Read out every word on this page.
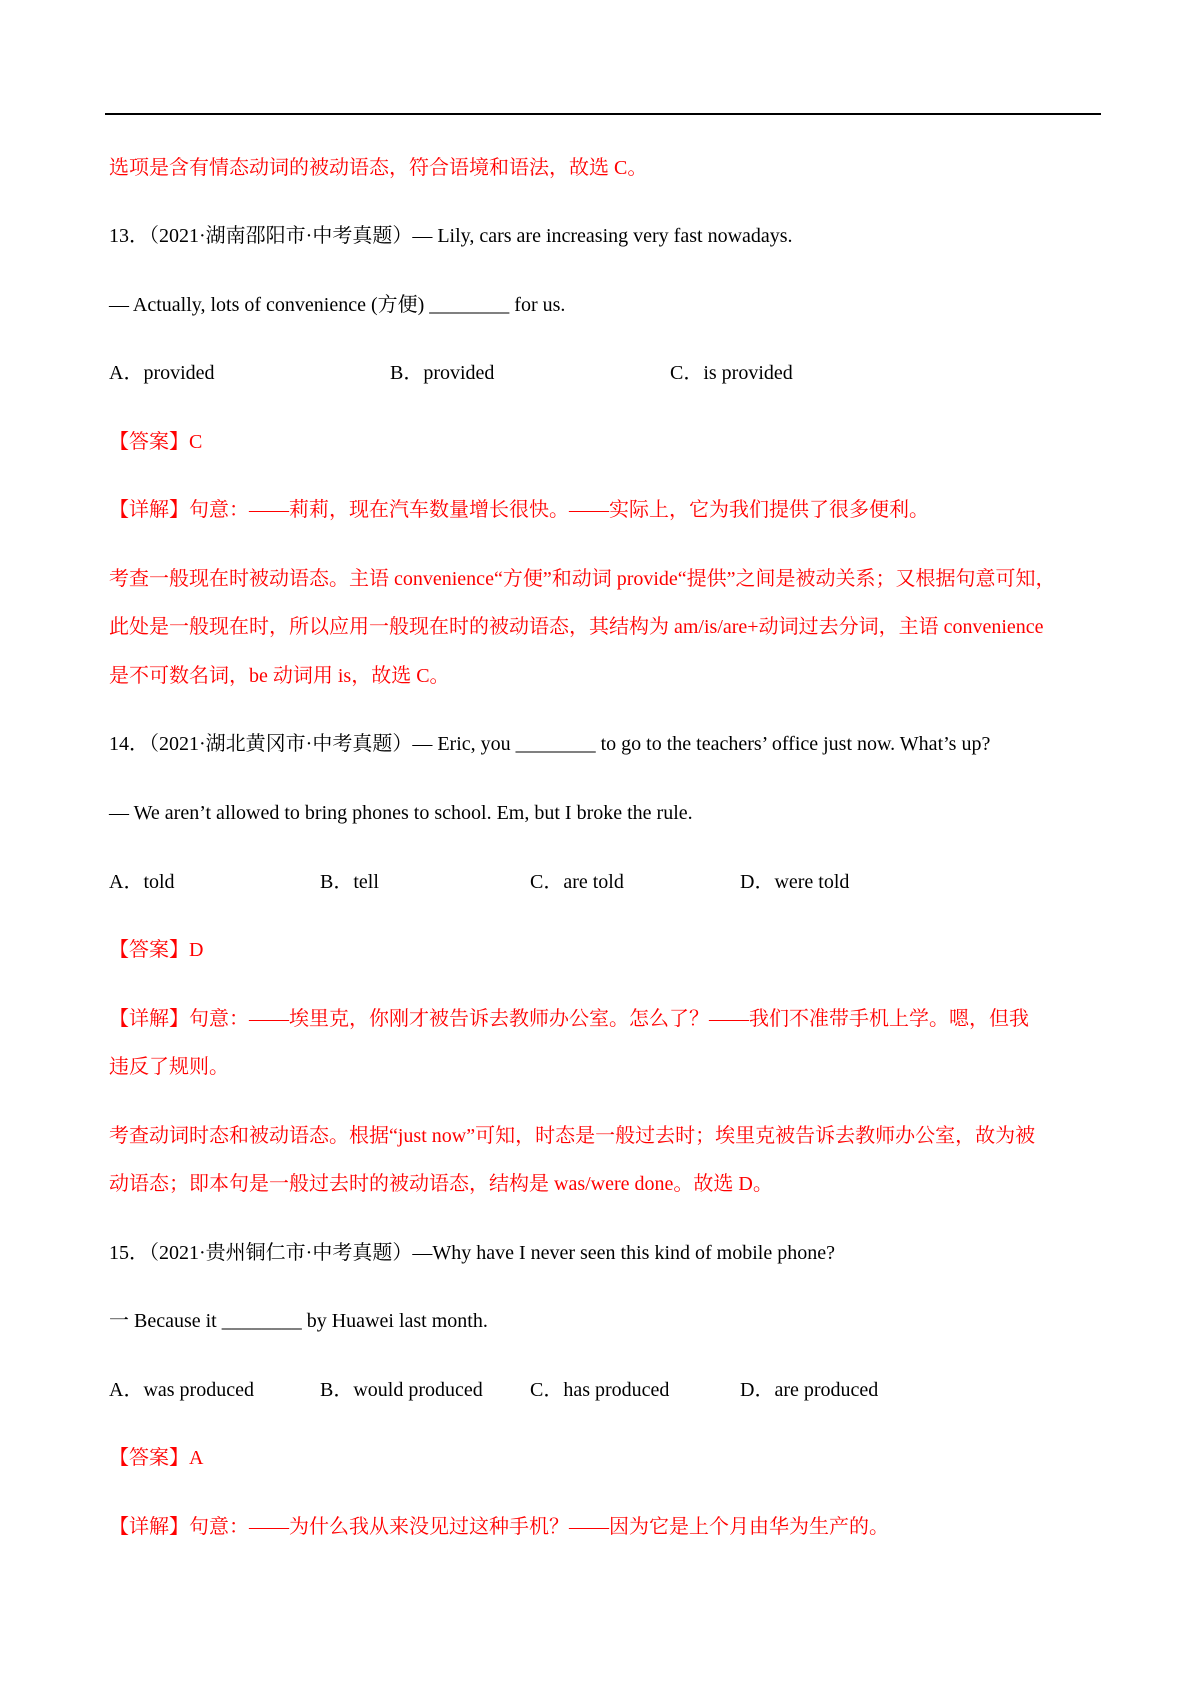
选项是含有情态动词的被动语态，符合语境和语法，故选 C。
13．（2021·湖南邵阳市·中考真题）— Lily, cars are increasing very fast nowadays.
— Actually, lots of convenience (方便) ________ for us.
A．provided	B．provided	C．is provided
【答案】C
【详解】句意：——莉莉，现在汽车数量增长很快。——实际上，它为我们提供了很多便利。
考查一般现在时被动语态。主语 convenience“方便”和动词 provide“提供”之间是被动关系；又根据句意可知，
此处是一般现在时，所以应用一般现在时的被动语态，其结构为 am/is/are+动词过去分词，主语 convenience
是不可数名词，be 动词用 is，故选 C。
14．（2021·湖北黄冈市·中考真题）— Eric, you ________ to go to the teachers’ office just now. What’s up?
— We aren’t allowed to bring phones to school. Em, but I broke the rule.
A．told	B．tell	C．are told	D．were told
【答案】D
【详解】句意：——埃里克，你刚才被告诉去教师办公室。怎么了？——我们不准带手机上学。嗯，但我
违反了规则。
考查动词时态和被动语态。根据“just now”可知，时态是一般过去时；埃里克被告诉去教师办公室，故为被
动语态；即本句是一般过去时的被动语态，结构是 was/were done。故选 D。
15．（2021·贵州铜仁市·中考真题）—Why have I never seen this kind of mobile phone?
一 Because it ________ by Huawei last month.
A．was produced	B．would produced C．has produced	D．are produced
【答案】A
【详解】句意：——为什么我从来没见过这种手机？——因为它是上个月由华为生产的。
